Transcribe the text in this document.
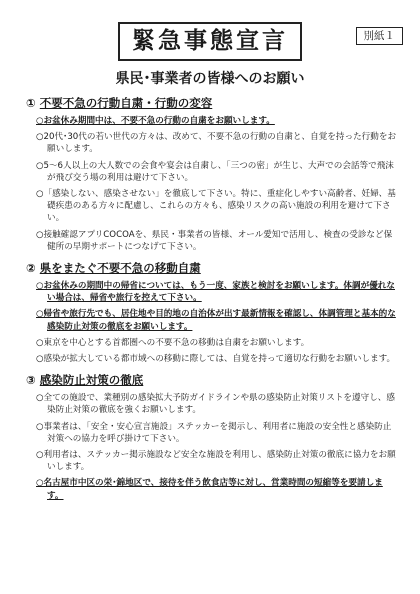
別紙１
緊急事態宣言
県民･事業者の皆様へのお願い
① 不要不急の行動自粛・行動の変容
○お盆休み期間中は、不要不急の行動の自粛をお願いします。
○20代･30代の若い世代の方々は、改めて、不要不急の行動の自粛と、自覚を持った行動をお願いします。
○5～6人以上の大人数での会食や宴会は自粛し、「三つの密」が生じ、大声での会話等で飛沫が飛び交う場の利用は避けて下さい。
○「感染しない、感染させない」を徹底して下さい。特に、重症化しやすい高齢者、妊婦、基礎疾患のある方々に配慮し、これらの方々も、感染リスクの高い施設の利用を避けて下さい。
○接触確認アプリCOCOAを、県民・事業者の皆様、オール愛知で活用し、検査の受診など保健所の早期サポートにつなげて下さい。
② 県をまたぐ不要不急の移動自粛
○お盆休みの期間中の帰省については、もう一度、家族と検討をお願いします。体調が優れない場合は、帰省や旅行を控えて下さい。
○帰省や旅行先でも、居住地や目的地の自治体が出す最新情報を確認し、体調管理と基本的な感染防止対策の徹底をお願いします。
○東京を中心とする首都圏への不要不急の移動は自粛をお願いします。
○感染が拡大している都市域への移動に際しては、自覚を持って適切な行動をお願いします。
③ 感染防止対策の徹底
○全ての施設で、業種別の感染拡大予防ガイドラインや県の感染防止対策リストを遵守し、感染防止対策の徹底を強くお願いします。
○事業者は、「安全・安心宣言施設」ステッカーを掲示し、利用者に施設の安全性と感染防止対策への協力を呼び掛けて下さい。
○利用者は、ステッカー掲示施設など安全な施設を利用し、感染防止対策の徹底に協力をお願いします。
○名古屋市中区の栄･錦地区で、接待を伴う飲食店等に対し、営業時間の短縮等を要請します。
